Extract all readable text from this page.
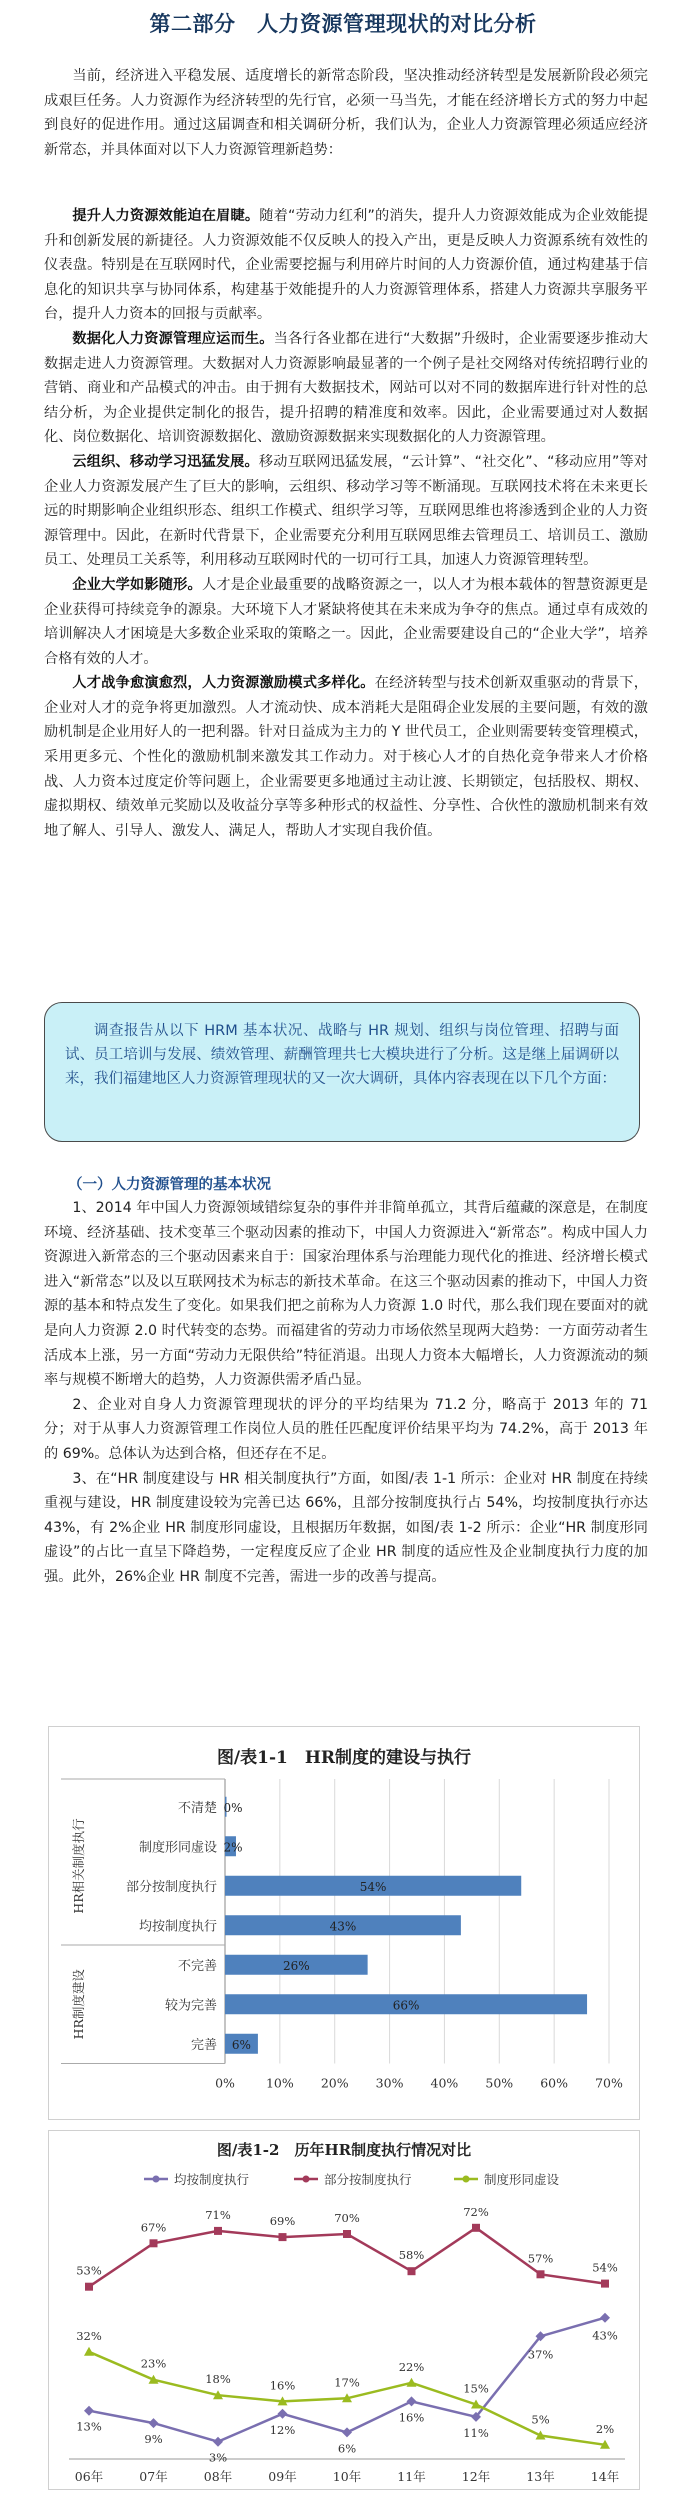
第二部分　人力资源管理现状的对比分析

当前，经济进入平稳发展、适度增长的新常态阶段，坚决推动经济转型是发展新阶段必须完成艰巨任务。人力资源作为经济转型的先行官，必须一马当先，才能在经济增长方式的努力中起到良好的促进作用。通过这届调查和相关调研分析，我们认为，企业人力资源管理必须适应经济新常态，并具体面对以下人力资源管理新趋势：

提升人力资源效能迫在眉睫。随着“劳动力红利”的消失，提升人力资源效能成为企业效能提升和创新发展的新捷径。人力资源效能不仅反映人的投入产出，更是反映人力资源系统有效性的仪表盘。特别是在互联网时代，企业需要挖掘与利用碎片时间的人力资源价值，通过构建基于信息化的知识共享与协同体系，构建基于效能提升的人力资源管理体系，搭建人力资源共享服务平台，提升人力资本的回报与贡献率。

数据化人力资源管理应运而生。当各行各业都在进行“大数据”升级时，企业需要逐步推动大数据走进人力资源管理。大数据对人力资源影响最显著的一个例子是社交网络对传统招聘行业的营销、商业和产品模式的冲击。由于拥有大数据技术，网站可以对不同的数据库进行针对性的总结分析，为企业提供定制化的报告，提升招聘的精准度和效率。因此，企业需要通过对人数据化、岗位数据化、培训资源数据化、激励资源数据来实现数据化的人力资源管理。

云组织、移动学习迅猛发展。移动互联网迅猛发展，“云计算”、“社交化”、“移动应用”等对企业人力资源发展产生了巨大的影响，云组织、移动学习等不断涌现。互联网技术将在未来更长远的时期影响企业组织形态、组织工作模式、组织学习等，互联网思维也将渗透到企业的人力资源管理中。因此，在新时代背景下，企业需要充分利用互联网思维去管理员工、培训员工、激励员工、处理员工关系等，利用移动互联网时代的一切可行工具，加速人力资源管理转型。

企业大学如影随形。人才是企业最重要的战略资源之一，以人才为根本载体的智慧资源更是企业获得可持续竞争的源泉。大环境下人才紧缺将使其在未来成为争夺的焦点。通过卓有成效的培训解决人才困境是大多数企业采取的策略之一。因此，企业需要建设自己的“企业大学”，培养合格有效的人才。

人才战争愈演愈烈，人力资源激励模式多样化。在经济转型与技术创新双重驱动的背景下，企业对人才的竞争将更加激烈。人才流动快、成本消耗大是阻碍企业发展的主要问题，有效的激励机制是企业用好人的一把利器。针对日益成为主力的 Y 世代员工，企业则需要转变管理模式，采用更多元、个性化的激励机制来激发其工作动力。对于核心人才的自热化竞争带来人才价格战、人力资本过度定价等问题上，企业需要更多地通过主动让渡、长期锁定，包括股权、期权、虚拟期权、绩效单元奖励以及收益分享等多种形式的权益性、分享性、合伙性的激励机制来有效地了解人、引导人、激发人、满足人，帮助人才实现自我价值。

调查报告从以下 HRM 基本状况、战略与 HR 规划、组织与岗位管理、招聘与面试、员工培训与发展、绩效管理、薪酬管理共七大模块进行了分析。这是继上届调研以来，我们福建地区人力资源管理现状的又一次大调研，具体内容表现在以下几个方面：
（一）人力资源管理的基本状况

1、2014 年中国人力资源领域错综复杂的事件并非简单孤立，其背后蕴藏的深意是，在制度环境、经济基础、技术变革三个驱动因素的推动下，中国人力资源进入“新常态”。构成中国人力资源进入新常态的三个驱动因素来自于：国家治理体系与治理能力现代化的推进、经济增长模式进入“新常态”以及以互联网技术为标志的新技术革命。在这三个驱动因素的推动下，中国人力资源的基本和特点发生了变化。如果我们把之前称为人力资源 1.0 时代，那么我们现在要面对的就是向人力资源 2.0 时代转变的态势。而福建省的劳动力市场依然呈现两大趋势：一方面劳动者生活成本上涨，另一方面“劳动力无限供给”特征消退。出现人力资本大幅增长，人力资源流动的频率与规模不断增大的趋势，人力资源供需矛盾凸显。

2、企业对自身人力资源管理现状的评分的平均结果为 71.2 分，略高于 2013 年的 71 分；对于从事人力资源管理工作岗位人员的胜任匹配度评价结果平均为 74.2%，高于 2013 年的 69%。总体认为达到合格，但还存在不足。

3、在“HR 制度建设与 HR 相关制度执行”方面，如图/表 1-1 所示：企业对 HR 制度在持续重视与建设，HR 制度建设较为完善已达 66%，且部分按制度执行占 54%，均按制度执行亦达 43%，有 2%企业 HR 制度形同虚设，且根据历年数据，如图/表 1-2 所示：企业“HR 制度形同虚设”的占比一直呈下降趋势，一定程度反应了企业 HR 制度的适应性及企业制度执行力度的加强。此外，26%企业 HR 制度不完善，需进一步的改善与提高。

图/表1-1　HR制度的建设与执行
0% 10% 20% 30% 40% 50% 60% 70%
不清楚 0%
制度形同虚设 2%
部分按制度执行	54%
均按制度执行	43%
HR相关制度执行
不完善	26%
较为完善	66%
完善 6%
HR制度建设
图/表1-2　历年HR制度执行情况对比
均按制度执行	部分按制度执行	制度形同虚设
06年	07年	08年	09年	10年	11年	12年	13年	14年
13%
9%
3%
12%
6%
16%
11%
37%
43%
53%
67%
71%	69%	70%
58%
72%
57%
54%
32%
23%
18%	16%	17%
22%
15%
5%
2%
